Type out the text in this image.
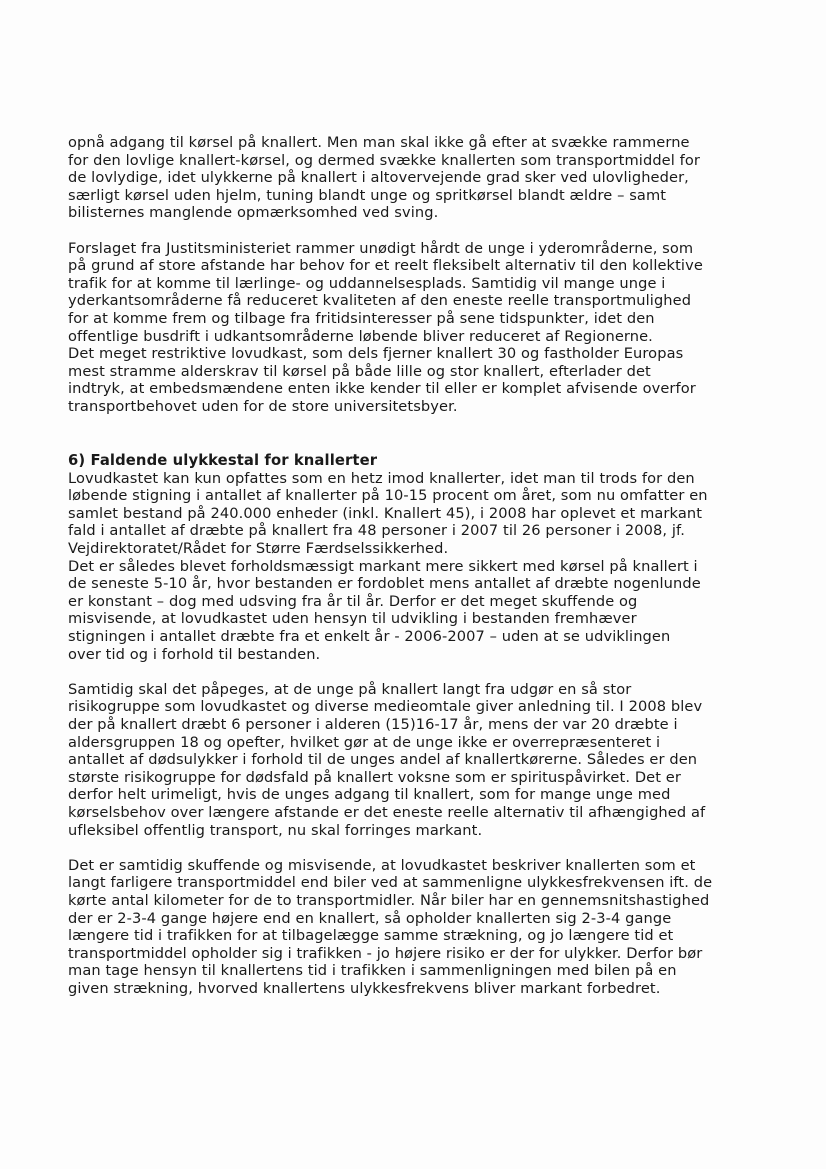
opnå adgang til kørsel på knallert. Men man skal ikke gå efter at svække rammerne
for den lovlige knallert-kørsel, og dermed svække knallerten som transportmiddel for
de lovlydige, idet ulykkerne på knallert i altovervejende grad sker ved ulovligheder,
særligt kørsel uden hjelm, tuning blandt unge og spritkørsel blandt ældre – samt
bilisternes manglende opmærksomhed ved sving.
Forslaget fra Justitsministeriet rammer unødigt hårdt de unge i yderområderne, som
på grund af store afstande har behov for et reelt fleksibelt alternativ til den kollektive
trafik for at komme til lærlinge- og uddannelsesplads. Samtidig vil mange unge i
yderkantsområderne få reduceret kvaliteten af den eneste reelle transportmulighed
for at komme frem og tilbage fra fritidsinteresser på sene tidspunkter, idet den
offentlige busdrift i udkantsområderne løbende bliver reduceret af Regionerne.
Det meget restriktive lovudkast, som dels fjerner knallert 30 og fastholder Europas
mest stramme alderskrav til kørsel på både lille og stor knallert, efterlader det
indtryk, at embedsmændene enten ikke kender til eller er komplet afvisende overfor
transportbehovet uden for de store universitetsbyer.
6) Faldende ulykkestal for knallerter
Lovudkastet kan kun opfattes som en hetz imod knallerter, idet man til trods for den
løbende stigning i antallet af knallerter på 10-15 procent om året, som nu omfatter en
samlet bestand på 240.000 enheder (inkl. Knallert 45), i 2008 har oplevet et markant
fald i antallet af dræbte på knallert fra 48 personer i 2007 til 26 personer i 2008, jf.
Vejdirektoratet/Rådet for Større Færdselssikkerhed.
Det er således blevet forholdsmæssigt markant mere sikkert med kørsel på knallert i
de seneste 5-10 år, hvor bestanden er fordoblet mens antallet af dræbte nogenlunde
er konstant – dog med udsving fra år til år. Derfor er det meget skuffende og
misvisende, at lovudkastet uden hensyn til udvikling i bestanden fremhæver
stigningen i antallet dræbte fra et enkelt år - 2006-2007 – uden at se udviklingen
over tid og i forhold til bestanden.
Samtidig skal det påpeges, at de unge på knallert langt fra udgør en så stor
risikogruppe som lovudkastet og diverse medieomtale giver anledning til. I 2008 blev
der på knallert dræbt 6 personer i alderen (15)16-17 år, mens der var 20 dræbte i
aldersgruppen 18 og opefter, hvilket gør at de unge ikke er overrepræsenteret i
antallet af dødsulykker i forhold til de unges andel af knallertkørerne. Således er den
største risikogruppe for dødsfald på knallert voksne som er spirituspåvirket. Det er
derfor helt urimeligt, hvis de unges adgang til knallert, som for mange unge med
kørselsbehov over længere afstande er det eneste reelle alternativ til afhængighed af
ufleksibel offentlig transport, nu skal forringes markant.
Det er samtidig skuffende og misvisende, at lovudkastet beskriver knallerten som et
langt farligere transportmiddel end biler ved at sammenligne ulykkesfrekvensen ift. de
kørte antal kilometer for de to transportmidler. Når biler har en gennemsnitshastighed
der er 2-3-4 gange højere end en knallert, så opholder knallerten sig 2-3-4 gange
længere tid i trafikken for at tilbagelægge samme strækning, og jo længere tid et
transportmiddel opholder sig i trafikken - jo højere risiko er der for ulykker. Derfor bør
man tage hensyn til knallertens tid i trafikken i sammenligningen med bilen på en
given strækning, hvorved knallertens ulykkesfrekvens bliver markant forbedret.
